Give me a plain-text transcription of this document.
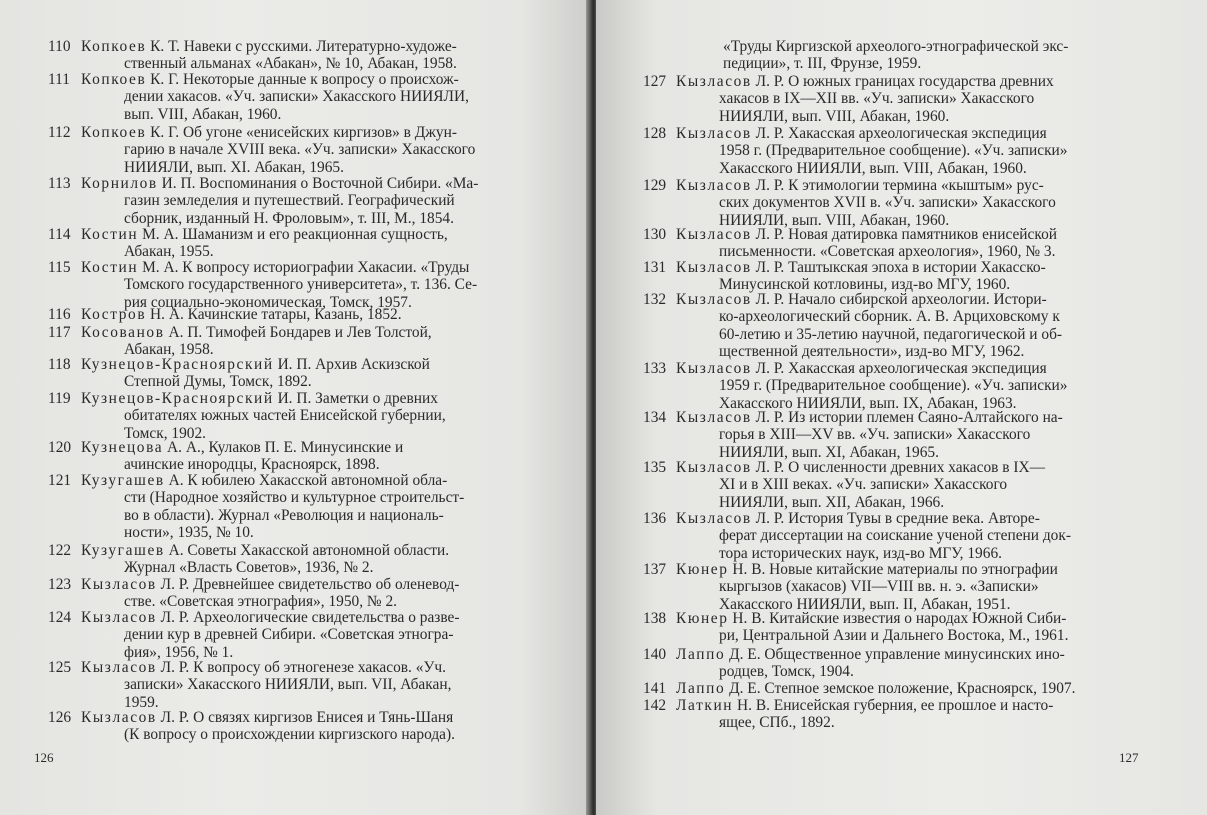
110 Копкоев К. Т. Навеки с русскими. Литературно-художе-
ственный альманах «Абакан», № 10, Абакан, 1958.
111 Копкоев К. Г. Некоторые данные к вопросу о происхож-
дении хакасов. «Уч. записки» Хакасского НИИЯЛИ,
вып. VIII, Абакан, 1960.
112 Копкоев К. Г. Об угоне «енисейских киргизов» в Джун-
гарию в начале XVIII века. «Уч. записки» Хакасского
НИИЯЛИ, вып. XI. Абакан, 1965.
113 Корнилов И. П. Воспоминания о Восточной Сибири. «Ма-
газин земледелия и путешествий. Географический
сборник, изданный Н. Фроловым», т. III, М., 1854.
114 Костин М. А. Шаманизм и его реакционная сущность,
Абакан, 1955.
115 Костин М. А. К вопросу историографии Хакасии. «Труды
Томского государственного университета», т. 136. Се-
рия социально-экономическая, Томск, 1957.
116 Костров Н. А. Качинские татары, Казань, 1852.
117 Косованов А. П. Тимофей Бондарев и Лев Толстой,
Абакан, 1958.
118 Кузнецов-Красноярский И. П. Архив Аскизской
Степной Думы, Томск, 1892.
119 Кузнецов-Красноярский И. П. Заметки о древних
обитателях южных частей Енисейской губернии,
Томск, 1902.
120 Кузнецова А. А., Кулаков П. Е. Минусинские и
ачинские инородцы, Красноярск, 1898.
121 Кузугашев А. К юбилею Хакасской автономной обла-
сти (Народное хозяйство и культурное строительст-
во в области). Журнал «Революция и националь-
ности», 1935, № 10.
122 Кузугашев А. Советы Хакасской автономной области.
Журнал «Власть Советов», 1936, № 2.
123 Кызласов Л. Р. Древнейшее свидетельство об оленевод-
стве. «Советская этнография», 1950, № 2.
124 Кызласов Л. Р. Археологические свидетельства о разве-
дении кур в древней Сибири. «Советская этногра-
фия», 1956, № 1.
125 Кызласов Л. Р. К вопросу об этногенезе хакасов. «Уч.
записки» Хакасского НИИЯЛИ, вып. VII, Абакан,
1959.
126 Кызласов Л. Р. О связях киргизов Енисея и Тянь-Шаня
(К вопросу о происхождении киргизского народа).
126
«Труды Киргизской археолого-этнографической экс-
педиции», т. III, Фрунзе, 1959.
127 Кызласов Л. Р. О южных границах государства древних
хакасов в IX—XII вв. «Уч. записки» Хакасского
НИИЯЛИ, вып. VIII, Абакан, 1960.
128 Кызласов Л. Р. Хакасская археологическая экспедиция
1958 г. (Предварительное сообщение). «Уч. записки»
Хакасского НИИЯЛИ, вып. VIII, Абакан, 1960.
129 Кызласов Л. Р. К этимологии термина «кыштым» рус-
ских документов XVII в. «Уч. записки» Хакасского
НИИЯЛИ, вып. VIII, Абакан, 1960.
130 Кызласов Л. Р. Новая датировка памятников енисейской
письменности. «Советская археология», 1960, № 3.
131 Кызласов Л. Р. Таштыкская эпоха в истории Хакасско-
Минусинской котловины, изд-во МГУ, 1960.
132 Кызласов Л. Р. Начало сибирской археологии. Истори-
ко-археологический сборник. А. В. Арциховскому к
60-летию и 35-летию научной, педагогической и об-
щественной деятельности», изд-во МГУ, 1962.
133 Кызласов Л. Р. Хакасская археологическая экспедиция
1959 г. (Предварительное сообщение). «Уч. записки»
Хакасского НИИЯЛИ, вып. IX, Абакан, 1963.
134 Кызласов Л. Р. Из истории племен Саяно-Алтайского на-
горья в XIII—XV вв. «Уч. записки» Хакасского
НИИЯЛИ, вып. XI, Абакан, 1965.
135 Кызласов Л. Р. О численности древних хакасов в IX—
XI и в XIII веках. «Уч. записки» Хакасского
НИИЯЛИ, вып. XII, Абакан, 1966.
136 Кызласов Л. Р. История Тувы в средние века. Автоpe-
ферат диссертации на соискание ученой степени док-
тора исторических наук, изд-во МГУ, 1966.
137 Кюнер Н. В. Новые китайские материалы по этнографии
кыргызов (хакасов) VII—VIII вв. н. э. «Записки»
Хакасского НИИЯЛИ, вып. II, Абакан, 1951.
138 Кюнер Н. В. Китайские известия о народах Южной Сиби-
ри, Центральной Азии и Дальнего Востока, М., 1961.
140 Лаппо Д. Е. Общественное управление минусинских ино-
родцев, Томск, 1904.
141 Лаппо Д. Е. Степное земское положение, Красноярск, 1907.
142 Латкин Н. В. Енисейская губерния, ее прошлое и насто-
ящее, СПб., 1892.
127
